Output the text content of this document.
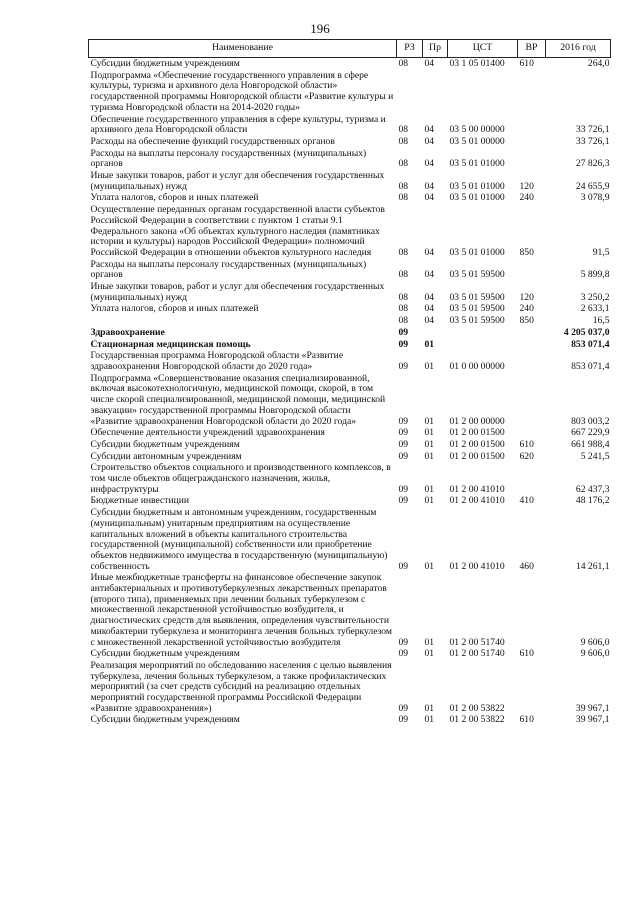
196
Наименование	РЗ	Пр	ЦСТ	ВР	2016 год
Субсидии бюджетным учреждениям	08	04	03 1 05 01400	610	264,0
Подпрограмма «Обеспечение государственного управления в сфере культуры, туризма и архивного дела Новгородской области» государственной программы Новгородской области «Развитие культуры и туризма Новгородской области на 2014-2020 годы»					
Обеспечение государственного управления в сфере культуры, туризма и архивного дела Новгородской области	08	04	03 5 00 00000		33 726,1
Расходы на обеспечение функций государственных органов	08	04	03 5 01 00000		33 726,1
Расходы на выплаты персоналу государственных (муниципальных) органов	08	04	03 5 01 01000		27 826,3
Иные закупки товаров, работ и услуг для обеспечения государственных (муниципальных) нужд	08	04	03 5 01 01000	120	24 655,9
Уплата налогов, сборов и иных платежей	08	04	03 5 01 01000	240	3 078,9
Осуществление переданных органам государственной власти субъектов Российской Федерации в соответствии с пунктом 1 статьи 9.1 Федерального закона «Об объектах культурного наследия (памятниках истории и культуры) народов Российской Федерации» полномочий Российской Федерации в отношении объектов культурного наследия	08	04	03 5 01 01000	850	91,5
Расходы на выплаты персоналу государственных (муниципальных) органов	08	04	03 5 01 59500		5 899,8
Иные закупки товаров, работ и услуг для обеспечения государственных (муниципальных) нужд	08	04	03 5 01 59500	120	3 250,2
Уплата налогов, сборов и иных платежей	08	04	03 5 01 59500	240	2 633,1
	08	04	03 5 01 59500	850	16,5
Здравоохранение	09				4 205 037,0
Стационарная медицинская помощь	09	01			853 071,4
Государственная программа Новгородской области «Развитие здравоохранения Новгородской области до 2020 года»	09	01	01 0 00 00000		853 071,4
Подпрограмма «Совершенствование оказания специализированной, включая высокотехнологичную, медицинской помощи, скорой, в том числе скорой специализированной, медицинской помощи, медицинской эвакуации» государственной программы Новгородской области «Развитие здравоохранения Новгородской области до 2020 года»	09	01	01 2 00 00000		803 003,2
Обеспечение деятельности учреждений здравоохранения	09	01	01 2 00 01500		667 229,9
Субсидии бюджетным учреждениям	09	01	01 2 00 01500	610	661 988,4
Субсидии автономным учреждениям	09	01	01 2 00 01500	620	5 241,5
Строительство объектов социального и производственного комплексов, в том числе объектов общегражданского назначения, жилья, инфраструктуры	09	01	01 2 00 41010		62 437,3
Бюджетные инвестиции	09	01	01 2 00 41010	410	48 176,2
Субсидии бюджетным и автономным учреждениям, государственным (муниципальным) унитарным предприятиям на осуществление капитальных вложений в объекты капитального строительства государственной (муниципальной) собственности или приобретение объектов недвижимого имущества в государственную (муниципальную) собственность	09	01	01 2 00 41010	460	14 261,1
Иные межбюджетные трансферты на финансовое обеспечение закупок антибактериальных и противотуберкулезных лекарственных препаратов (второго типа), применяемых при лечении больных туберкулезом с множественной лекарственной устойчивостью возбудителя, и диагностических средств для выявления, определения чувствительности микобактерии туберкулеза и мониторинга лечения больных туберкулезом с множественной лекарственной устойчивостью возбудителя	09	01	01 2 00 51740		9 606,0
Субсидии бюджетным учреждениям	09	01	01 2 00 51740	610	9 606,0
Реализация мероприятий по обследованию населения с целью выявления туберкулеза, лечения больных туберкулезом, а также профилактических мероприятий (за счет средств субсидий на реализацию отдельных мероприятий государственной программы Российской Федерации «Развитие здравоохранения»)	09	01	01 2 00 53822		39 967,1
Субсидии бюджетным учреждениям	09	01	01 2 00 53822	610	39 967,1
